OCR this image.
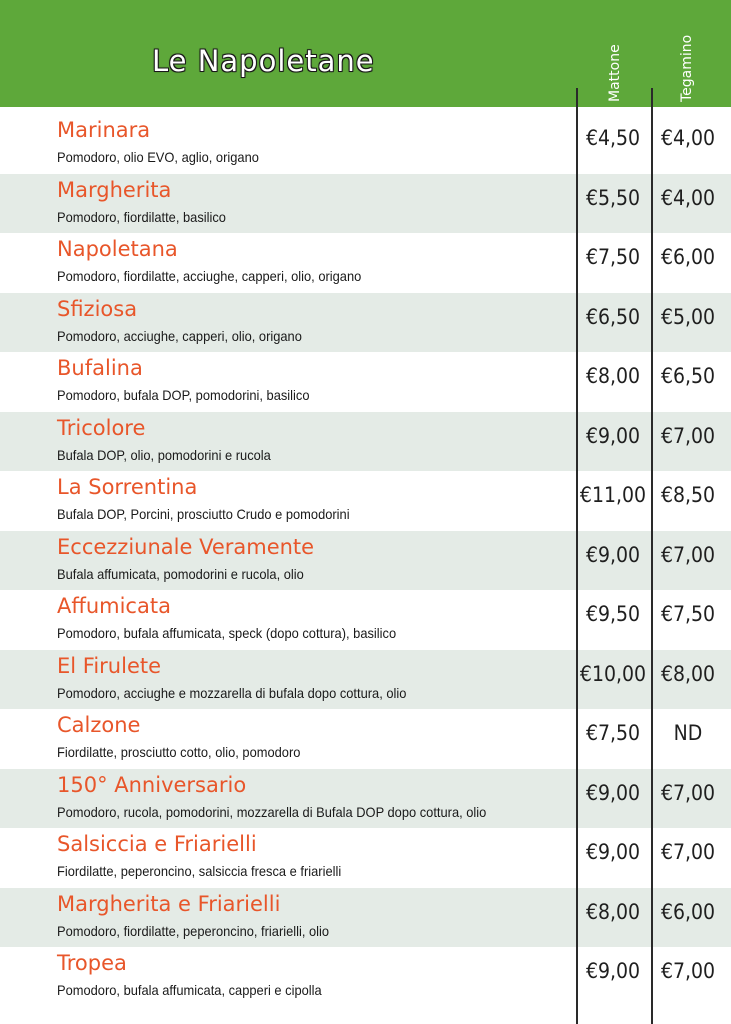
Le Napoletane	Mattone	Tegamino
Marinara
Pomodoro, olio EVO, aglio, origano
€4,50 €4,00
Margherita
Pomodoro, fiordilatte, basilico
€5,50 €4,00
Napoletana
Pomodoro, fiordilatte, acciughe, capperi, olio, origano
€7,50 €6,00
Sfiziosa
Pomodoro, acciughe, capperi, olio, origano
€6,50 €5,00
Bufalina
Pomodoro, bufala DOP, pomodorini, basilico
€8,00 €6,50
Tricolore
Bufala DOP, olio, pomodorini e rucola
€9,00 €7,00
La Sorrentina
Bufala DOP, Porcini, prosciutto Crudo e pomodorini
€11,00 €8,50
Eccezziunale Veramente
Bufala affumicata, pomodorini e rucola, olio
€9,00 €7,00
Affumicata
Pomodoro, bufala affumicata, speck (dopo cottura), basilico
€9,50 €7,50
El Firulete
Pomodoro, acciughe e mozzarella di bufala dopo cottura, olio
€10,00 €8,00
Calzone
Fiordilatte, prosciutto cotto, olio, pomodoro
€7,50	ND
150° Anniversario
Pomodoro, rucola, pomodorini, mozzarella di Bufala DOP dopo cottura, olio
€9,00 €7,00
Salsiccia e Friarielli
Fiordilatte, peperoncino, salsiccia fresca e friarielli
€9,00 €7,00
Margherita e Friarielli
Pomodoro, fiordilatte, peperoncino, friarielli, olio
€8,00 €6,00
Tropea
Pomodoro, bufala affumicata, capperi e cipolla
€9,00 €7,00
